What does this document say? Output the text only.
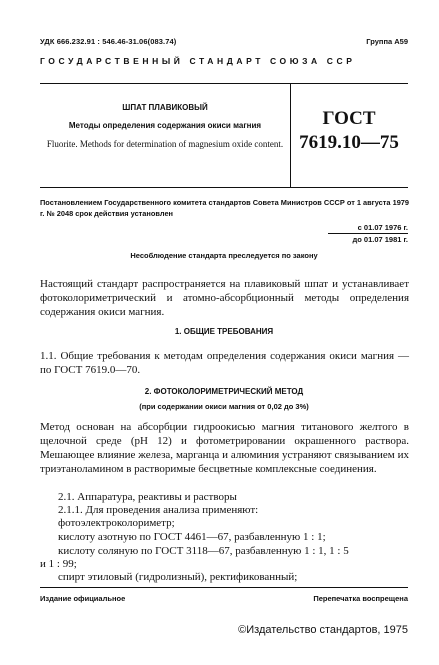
УДК 666.232.91 : 546.46-31.06(083.74)	Группа А59
ГОСУДАРСТВЕННЫЙ СТАНДАРТ СОЮЗА ССР
ШПАТ ПЛАВИКОВЫЙ
Методы определения содержания окиси магния
Fluorite. Methods for determination of magnesium oxide content.
ГОСТ
7619.10—75
Постановлением Государственного комитета стандартов Совета Министров СССР от 1 августа 1979 г. № 2048 срок действия установлен
с 01.07 1976 г.
до 01.07 1981 г.
Несоблюдение стандарта преследуется по закону
Настоящий стандарт распространяется на плавиковый шпат и устанавливает фотоколориметрический и атомно-абсорбционный методы определения содержания окиси магния.
1. ОБЩИЕ ТРЕБОВАНИЯ
1.1. Общие требования к методам определения содержания окиси магния — по ГОСТ 7619.0—70.
2. ФОТОКОЛОРИМЕТРИЧЕСКИЙ МЕТОД
(при содержании окиси магния от 0,02 до 3%)
Метод основан на абсорбции гидроокисью магния титанового желтого в щелочной среде (рН 12) и фотометрировании окрашенного раствора. Мешающее влияние железа, марганца и алюминия устраняют связыванием их триэтаноламином в растворимые бесцветные комплексные соединения.
2.1. Аппаратура, реактивы и растворы
2.1.1. Для проведения анализа применяют:
фотоэлектроколориметр;
кислоту азотную по ГОСТ 4461—67, разбавленную 1 : 1;
кислоту соляную по ГОСТ 3118—67, разбавленную 1 : 1, 1 : 5
и 1 : 99;
спирт этиловый (гидролизный), ректификованный;
Издание официальное	Перепечатка воспрещена
©Издательство стандартов, 1975
